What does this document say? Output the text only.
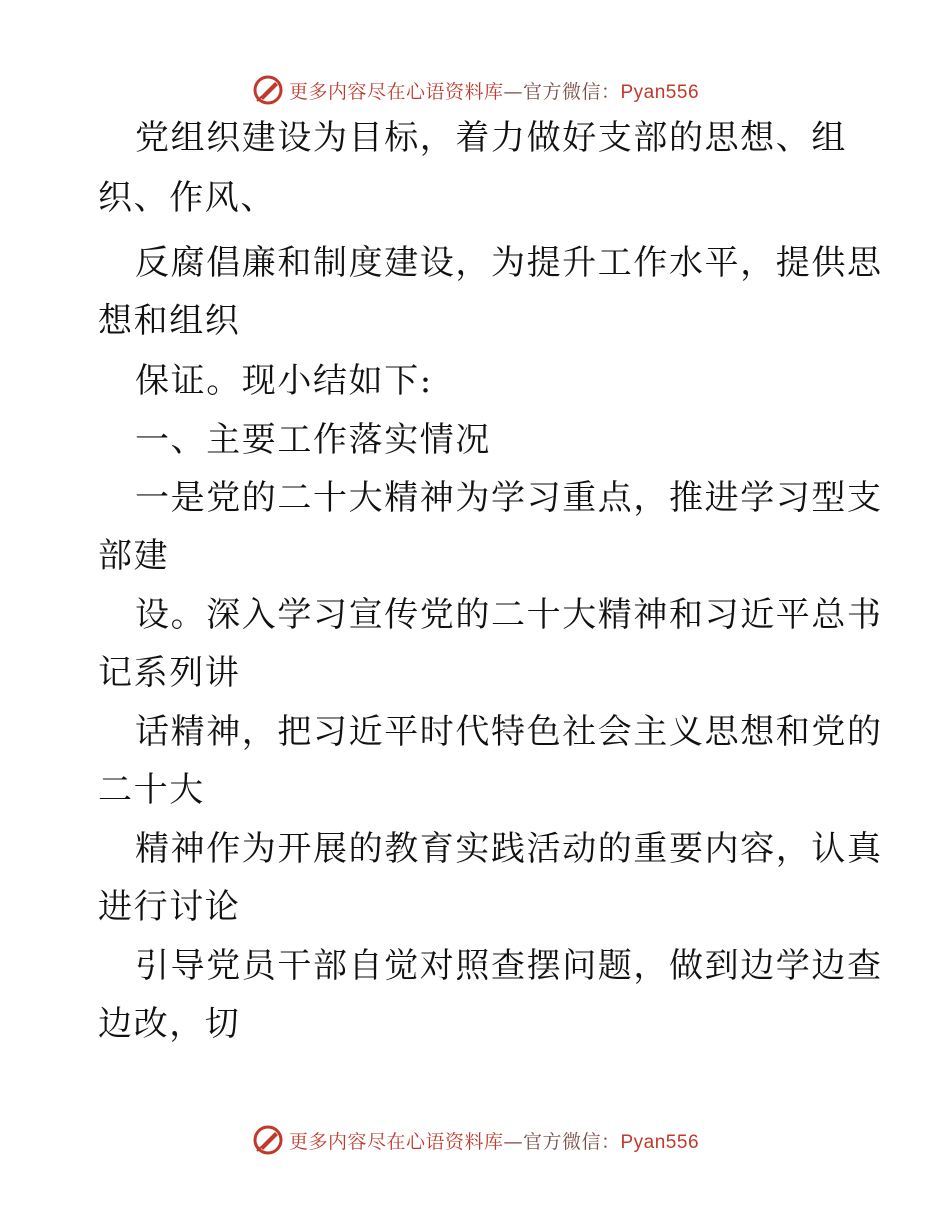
更多内容尽在心语资料库—官方微信：Pyan556
党组织建设为目标，着力做好支部的思想、组
织、作风、
反腐倡廉和制度建设，为提升工作水平，提供思
想和组织
保证。现小结如下:
一、主要工作落实情况
一是党的二十大精神为学习重点，推进学习型支
部建
设。深入学习宣传党的二十大精神和习近平总书
记系列讲
话精神，把习近平时代特色社会主义思想和党的
二十大
精神作为开展的教育实践活动的重要内容，认真
进行讨论
引导党员干部自觉对照查摆问题，做到边学边查
边改，切
更多内容尽在心语资料库—官方微信：Pyan556
